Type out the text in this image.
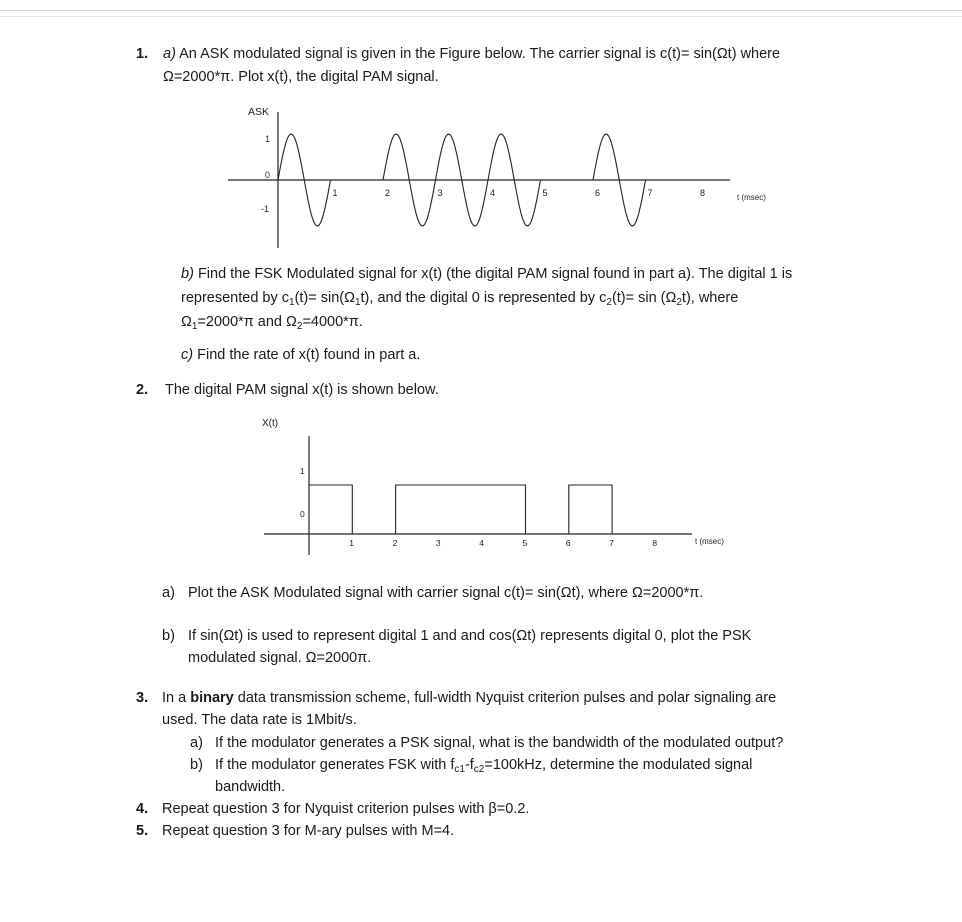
1. a) An ASK modulated signal is given in the Figure below. The carrier signal is c(t)= sin(Ωt) where
Ω=2000*π. Plot x(t), the digital PAM signal.
ASK
1
0
-1
1	2	3	4	5	6	7	8	t (msec)
b) Find the FSK Modulated signal for x(t) (the digital PAM signal found in part a). The digital 1 is
represented by $c_1(t)= \sin(\Omega_1t)$, and the digital 0 is represented by $c_2(t)= \sin (\Omega_2t)$, where
$\Omega_1=2000*\pi$ and $\Omega_2=4000*\pi$.
c) Find the rate of x(t) found in part a.
2. The digital PAM signal x(t) is shown below.
X(t)
1
0
1	2	3	4	5	6	7	8	t (msec)
a) Plot the ASK Modulated signal with carrier signal c(t)= sin(Ωt), where Ω=2000*π.
b) If sin(Ωt) is used to represent digital 1 and and cos(Ωt) represents digital 0, plot the PSK
modulated signal. Ω=2000π.
3. In a binary data transmission scheme, full-width Nyquist criterion pulses and polar signaling are
used. The data rate is 1Mbit/s.
a) If the modulator generates a PSK signal, what is the bandwidth of the modulated output?
b) If the modulator generates FSK with $f_{c1}-f_{c2}=100kHz$, determine the modulated signal
bandwidth.
4. Repeat question 3 for Nyquist criterion pulses with β=0.2.
5. Repeat question 3 for M-ary pulses with M=4.
